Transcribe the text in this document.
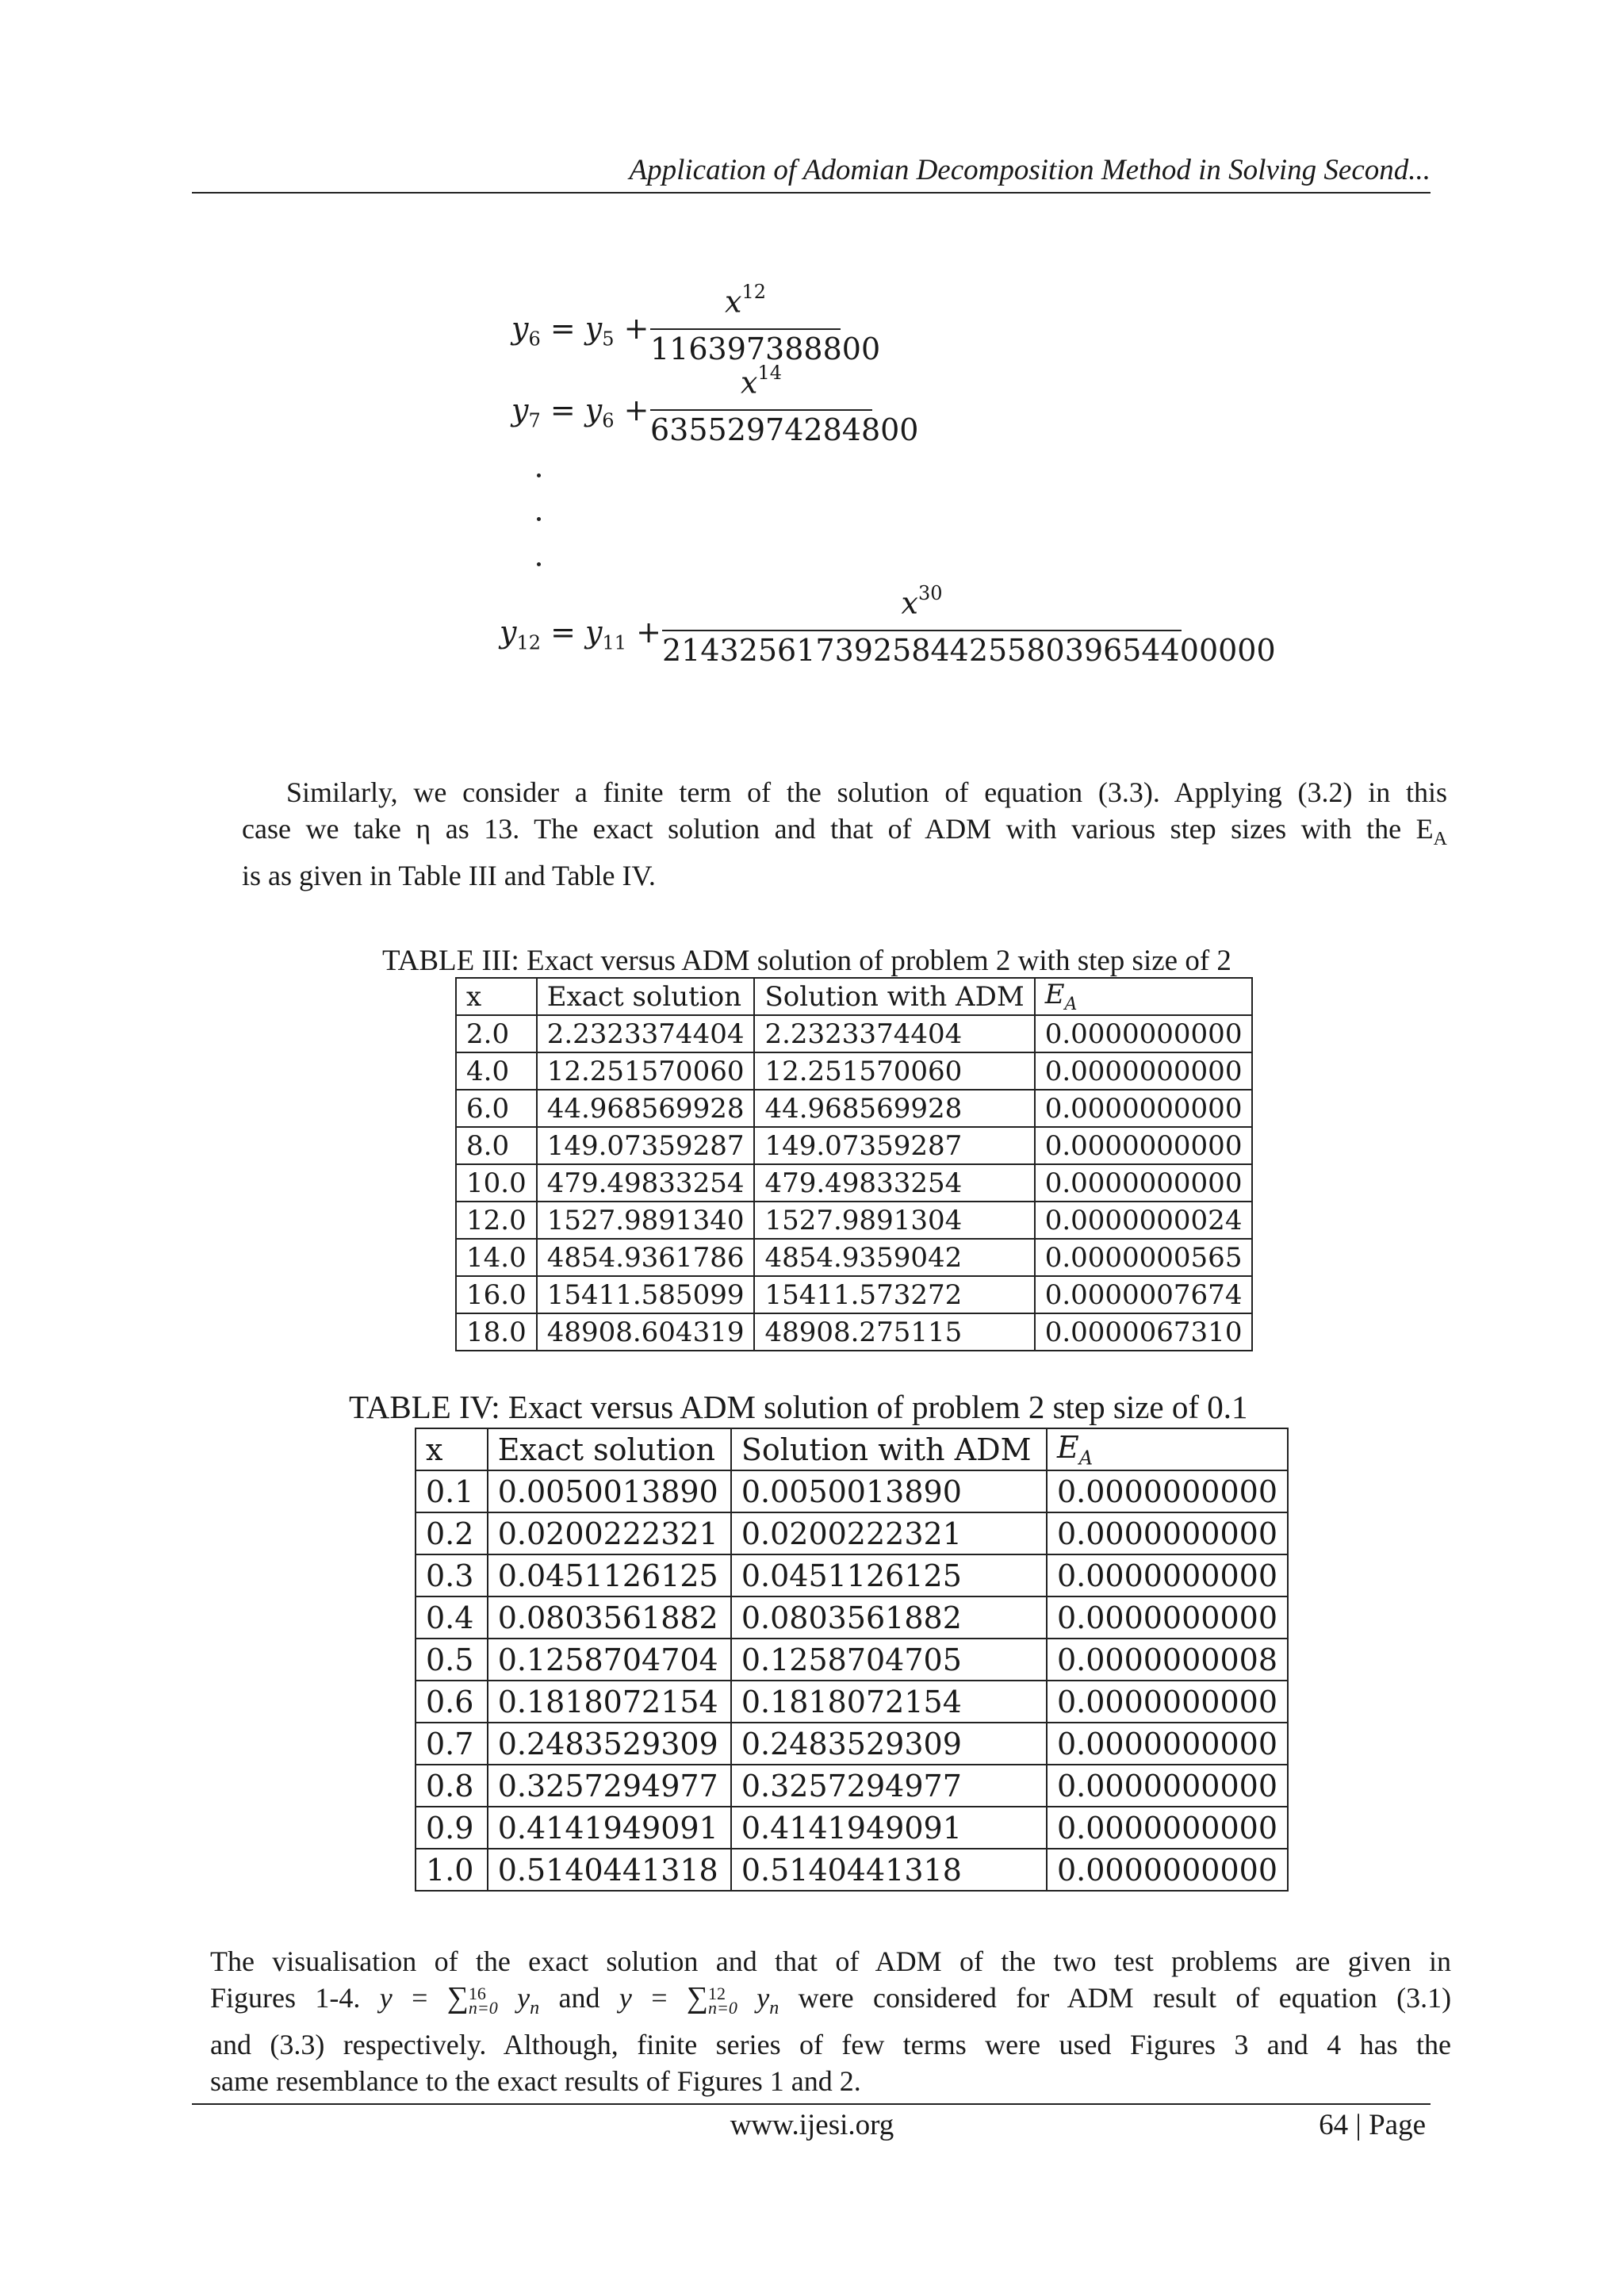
Application of Adomian Decomposition Method in Solving Second...
$y_6 = y_5$ +
$x^{12}$
116397388800
$y_7 = y_6$ +
$x^{14}$
63552974284800
$y_{12} = y_{11}$ +
$x^{30}$
21432561739258442558039654400000
Similarly, we consider a finite term of the solution of equation (3.3). Applying (3.2) in this
case we take η as 13. The exact solution and that of ADM with various step sizes with the $E_A$
is as given in Table III and Table IV.
TABLE III: Exact versus ADM solution of problem 2 with step size of 2
x	Exact solution	Solution with ADM	$E_A$
2.0	2.2323374404	2.2323374404	0.0000000000
4.0	12.251570060	12.251570060	0.0000000000
6.0	44.968569928	44.968569928	0.0000000000
8.0	149.07359287	149.07359287	0.0000000000
10.0	479.49833254	479.49833254	0.0000000000
12.0	1527.9891340	1527.9891304	0.0000000024
14.0	4854.9361786	4854.9359042	0.0000000565
16.0	15411.585099	15411.573272	0.0000007674
18.0	48908.604319	48908.275115	0.0000067310
TABLE IV: Exact versus ADM solution of problem 2 step size of 0.1
x	Exact solution	Solution with ADM	$E_A$
0.1	0.0050013890	0.0050013890	0.0000000000
0.2	0.0200222321	0.0200222321	0.0000000000
0.3	0.0451126125	0.0451126125	0.0000000000
0.4	0.0803561882	0.0803561882	0.0000000000
0.5	0.1258704704	0.1258704705	0.0000000008
0.6	0.1818072154	0.1818072154	0.0000000000
0.7	0.2483529309	0.2483529309	0.0000000000
0.8	0.3257294977	0.3257294977	0.0000000000
0.9	0.4141949091	0.4141949091	0.0000000000
1.0	0.5140441318	0.5140441318	0.0000000000
The visualisation of the exact solution and that of ADM of the two test problems are given in
Figures 1-4. y = ∑16
n=0 $y_n$ and y = ∑12
n=0 $y_n$ were considered for ADM result of equation (3.1)
and (3.3) respectively. Although, finite series of few terms were used Figures 3 and 4 has the
same resemblance to the exact results of Figures 1 and 2.
www.ijesi.org	64 | Page
